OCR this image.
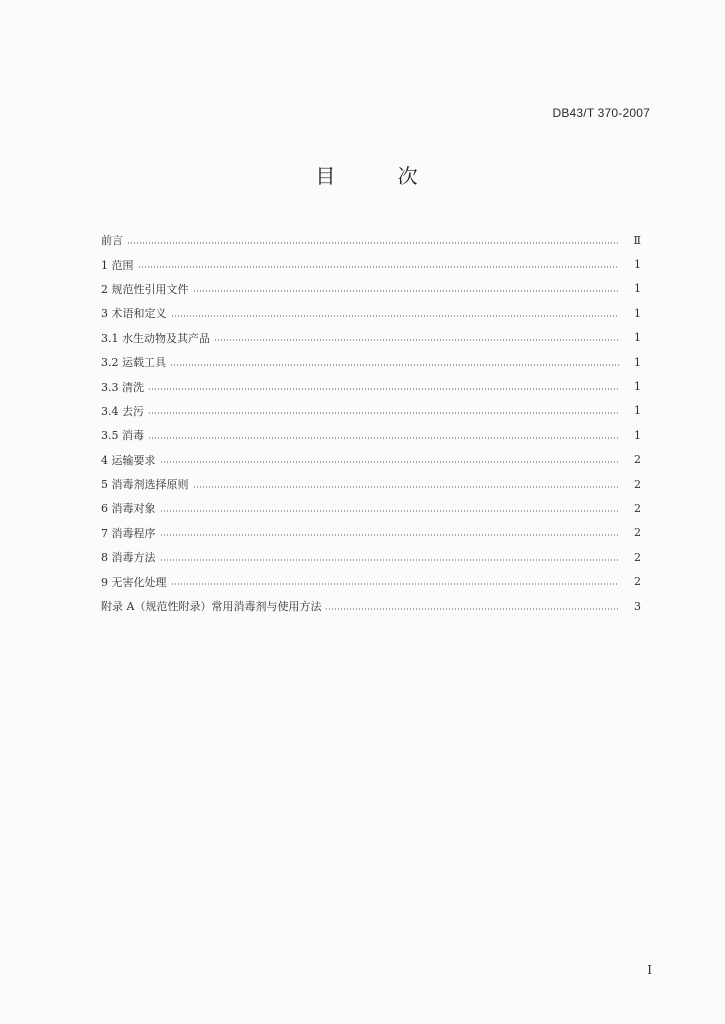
DB43/T 370-2007
目 次
前言	Ⅱ
1 范围	1
2 规范性引用文件	1
3 术语和定义	1
3.1 水生动物及其产品	1
3.2 运载工具	1
3.3 清洗	1
3.4 去污	1
3.5 消毒	1
4 运输要求	2
5 消毒剂选择原则	2
6 消毒对象	2
7 消毒程序	2
8 消毒方法	2
9 无害化处理	2
附录 A（规范性附录）常用消毒剂与使用方法	3
I
